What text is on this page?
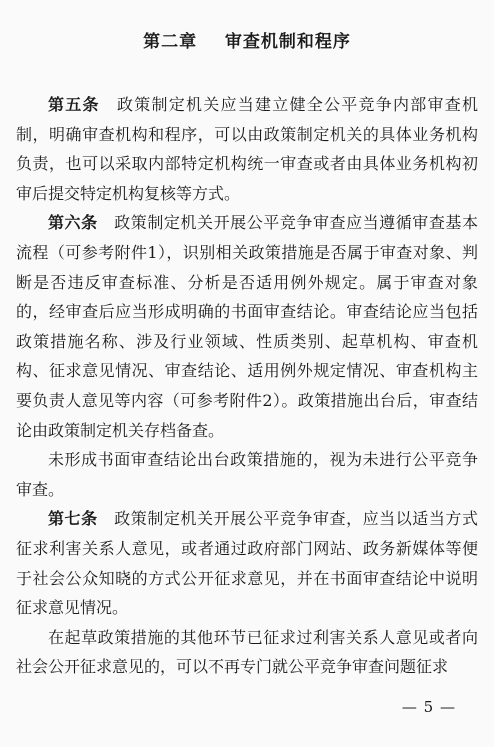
第二章    审查机制和程序

第五条　 政策制定机关应当建立健全公平竞争内部审查机制，明确审查机构和程序，可以由政策制定机关的具体业务机构负责，也可以采取内部特定机构统一审查或者由具体业务机构初审后提交特定机构复核等方式。

第六条　 政策制定机关开展公平竞争审查应当遵循审查基本流程（可参考附件1），识别相关政策措施是否属于审查对象、判断是否违反审查标准、分析是否适用例外规定。属于审查对象的，经审查后应当形成明确的书面审查结论。审查结论应当包括政策措施名称、涉及行业领域、性质类别、起草机构、审查机构、征求意见情况、审查结论、适用例外规定情况、审查机构主要负责人意见等内容（可参考附件2）。政策措施出台后，审查结论由政策制定机关存档备查。

未形成书面审查结论出台政策措施的，视为未进行公平竞争审查。

第七条　 政策制定机关开展公平竞争审查，应当以适当方式征求利害关系人意见，或者通过政府部门网站、政务新媒体等便于社会公众知晓的方式公开征求意见，并在书面审查结论中说明征求意见情况。

在起草政策措施的其他环节已征求过利害关系人意见或者向社会公开征求意见的，可以不再专门就公平竞争审查问题征求

— 5 —
